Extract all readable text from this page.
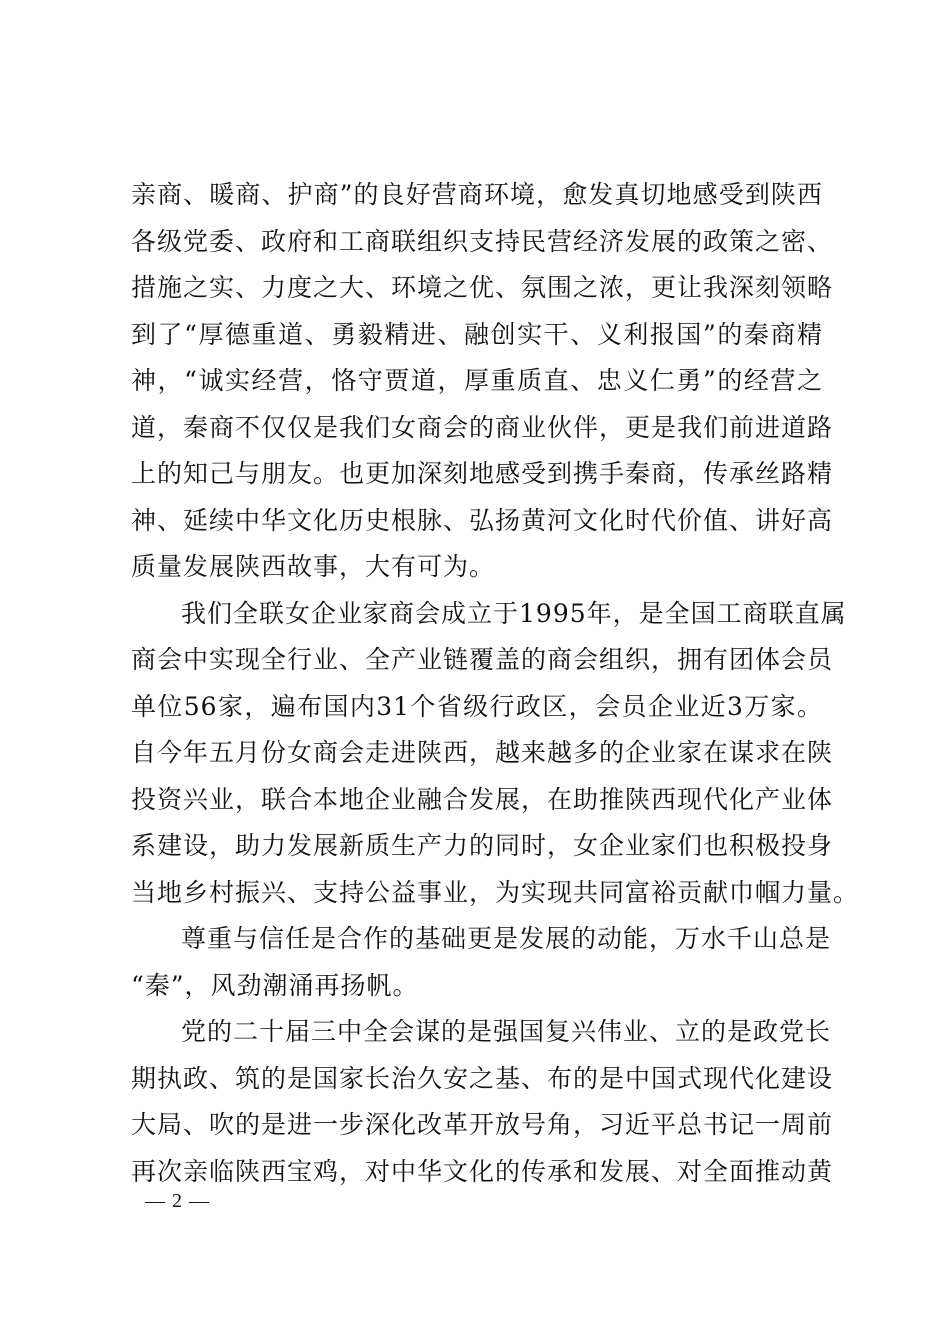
亲商、暖商、护商”的良好营商环境，愈发真切地感受到陕西
各级党委、政府和工商联组织支持民营经济发展的政策之密、
措施之实、力度之大、环境之优、氛围之浓，更让我深刻领略
到了“厚德重道、勇毅精进、融创实干、义利报国”的秦商精
神，“诚实经营，恪守贾道，厚重质直、忠义仁勇”的经营之
道，秦商不仅仅是我们女商会的商业伙伴，更是我们前进道路
上的知己与朋友。也更加深刻地感受到携手秦商，传承丝路精
神、延续中华文化历史根脉、弘扬黄河文化时代价值、讲好高
质量发展陕西故事，大有可为。
我们全联女企业家商会成立于1995年，是全国工商联直属
商会中实现全行业、全产业链覆盖的商会组织，拥有团体会员
单位56家，遍布国内31个省级行政区，会员企业近3万家。
自今年五月份女商会走进陕西，越来越多的企业家在谋求在陕
投资兴业，联合本地企业融合发展，在助推陕西现代化产业体
系建设，助力发展新质生产力的同时，女企业家们也积极投身
当地乡村振兴、支持公益事业，为实现共同富裕贡献巾帼力量。
尊重与信任是合作的基础更是发展的动能，万水千山总是
“秦”，风劲潮涌再扬帆。
党的二十届三中全会谋的是强国复兴伟业、立的是政党长
期执政、筑的是国家长治久安之基、布的是中国式现代化建设
大局、吹的是进一步深化改革开放号角，习近平总书记一周前
再次亲临陕西宝鸡，对中华文化的传承和发展、对全面推动黄
— 2 —
